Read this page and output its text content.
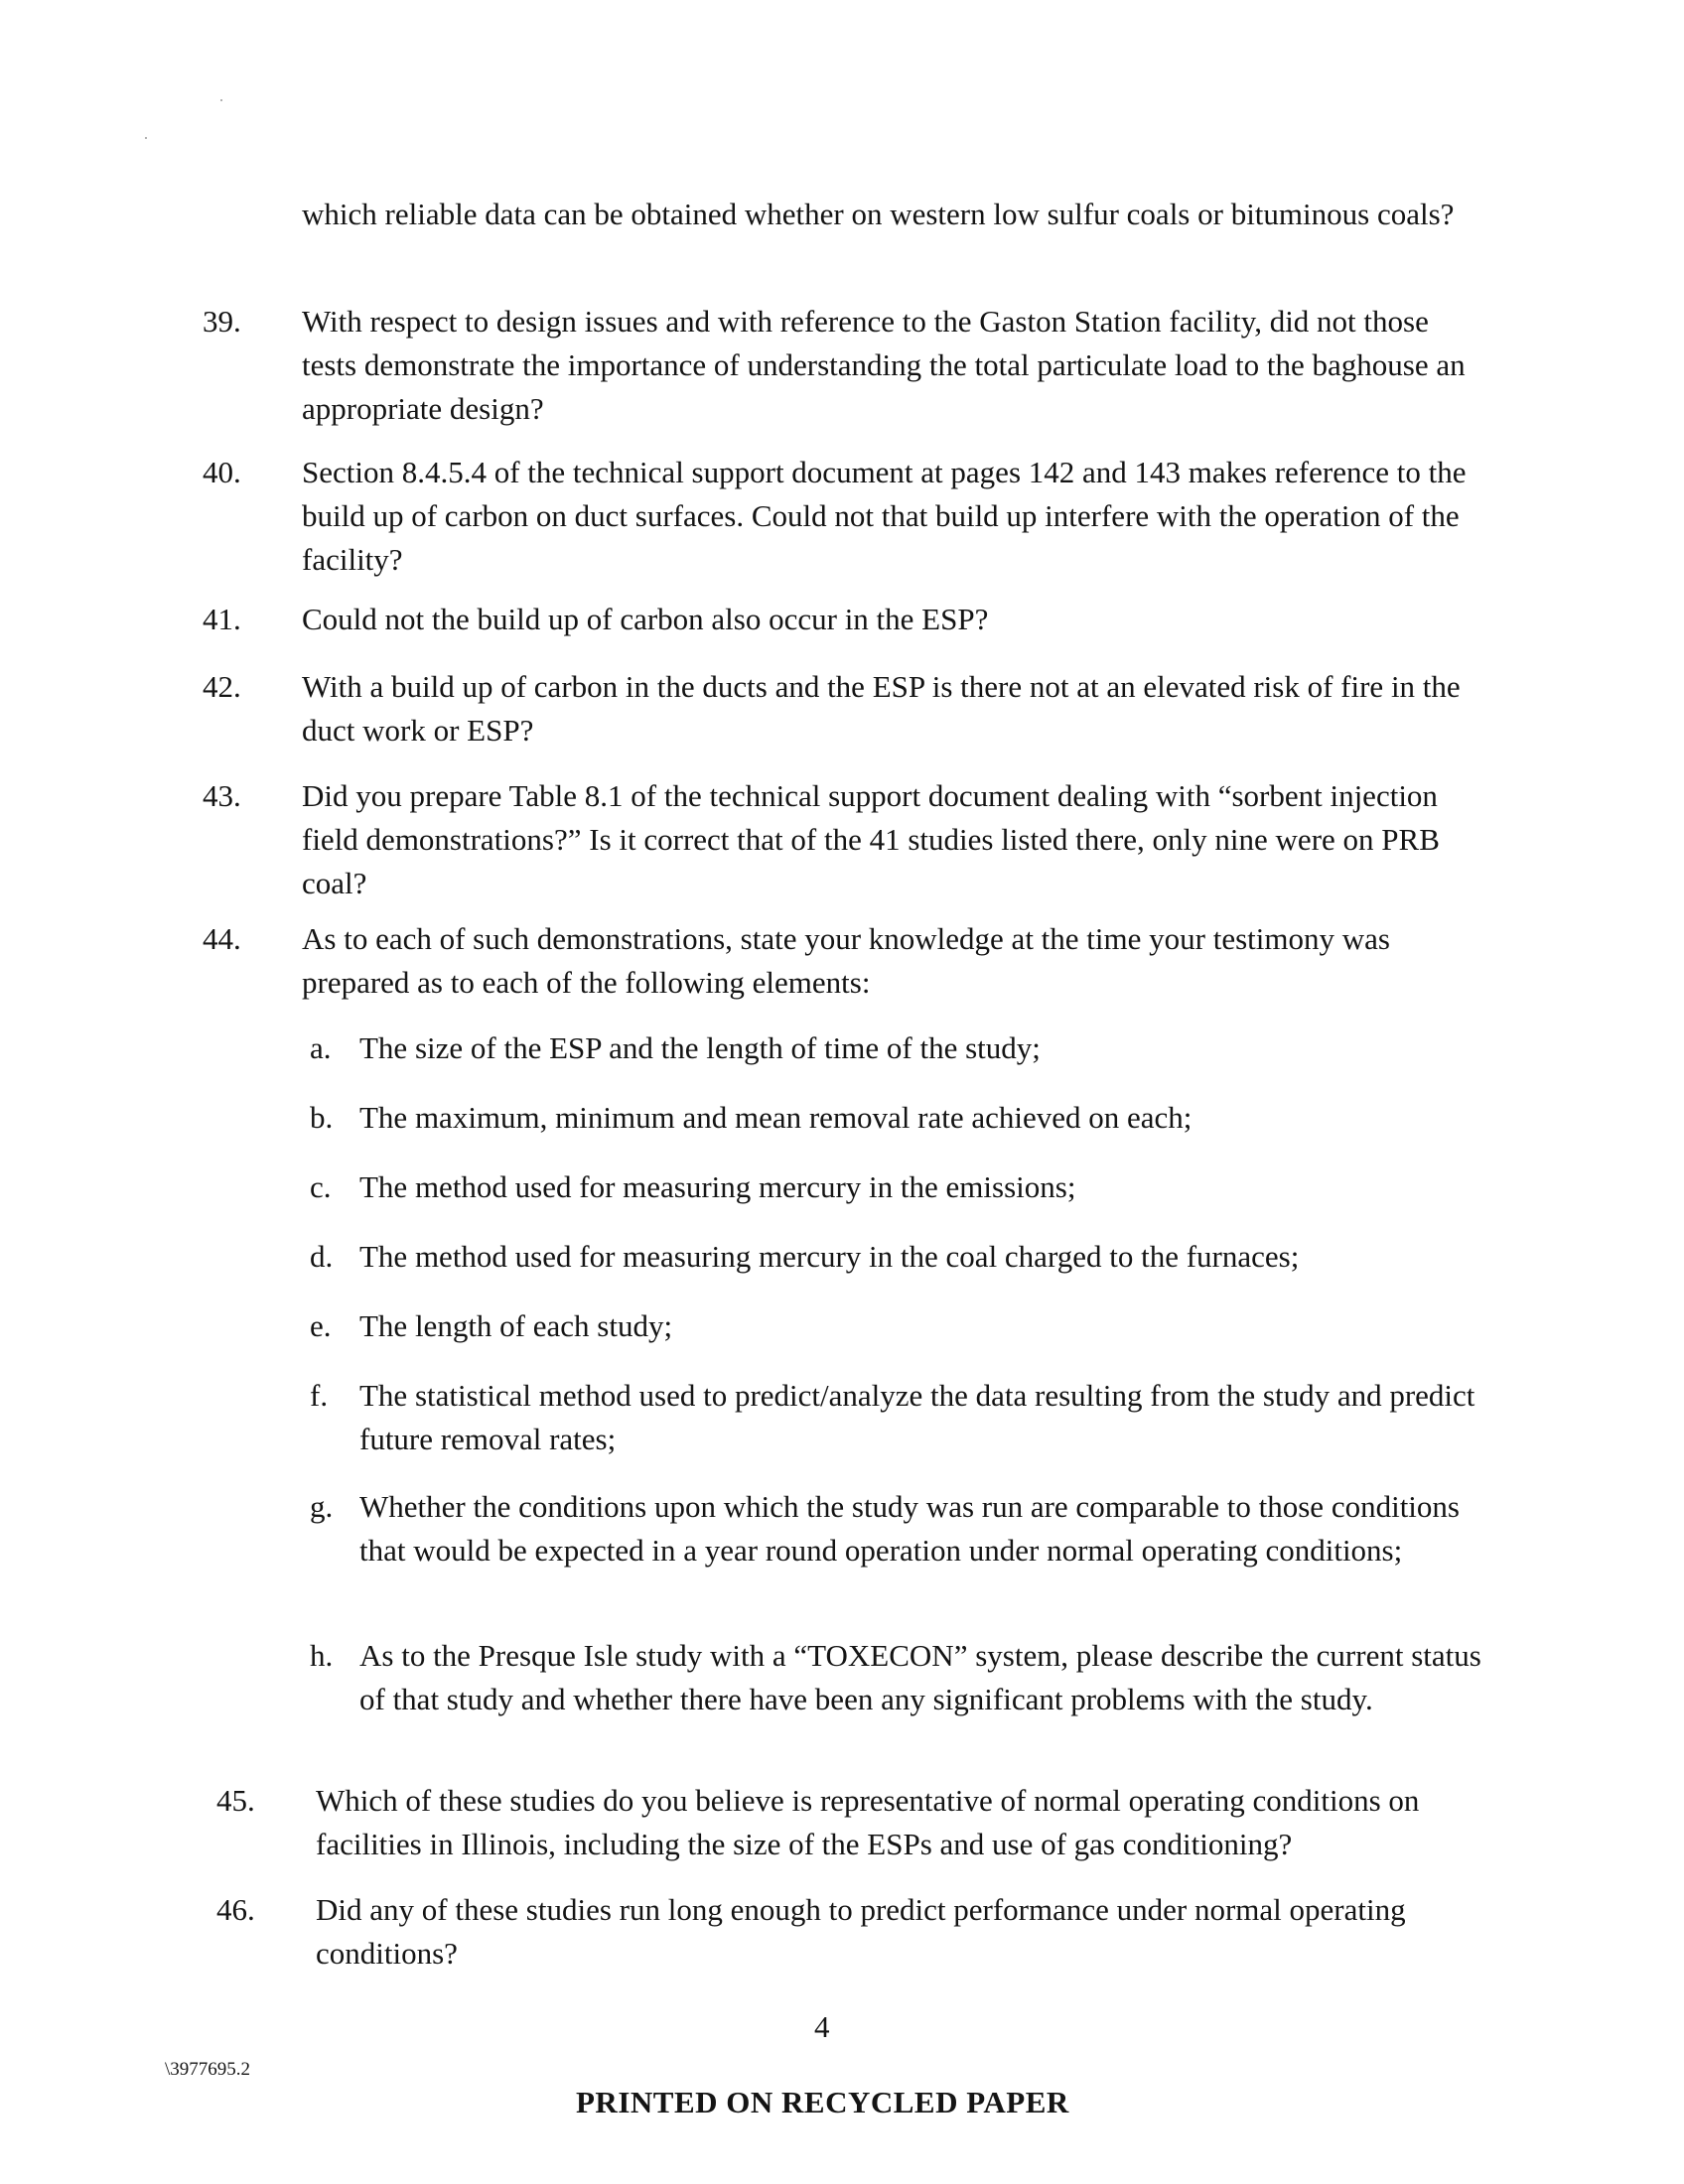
which reliable data can be obtained whether on western low sulfur coals or bituminous coals?

39. With respect to design issues and with reference to the Gaston Station facility, did not those tests demonstrate the importance of understanding the total particulate load to the baghouse an appropriate design?

40. Section 8.4.5.4 of the technical support document at pages 142 and 143 makes reference to the build up of carbon on duct surfaces. Could not that build up interfere with the operation of the facility?

41. Could not the build up of carbon also occur in the ESP?

42. With a build up of carbon in the ducts and the ESP is there not at an elevated risk of fire in the duct work or ESP?

43. Did you prepare Table 8.1 of the technical support document dealing with “sorbent injection field demonstrations?” Is it correct that of the 41 studies listed there, only nine were on PRB coal?

44. As to each of such demonstrations, state your knowledge at the time your testimony was prepared as to each of the following elements:

a. The size of the ESP and the length of time of the study;

b. The maximum, minimum and mean removal rate achieved on each;

c. The method used for measuring mercury in the emissions;

d. The method used for measuring mercury in the coal charged to the furnaces;

e. The length of each study;

f. The statistical method used to predict/analyze the data resulting from the study and predict future removal rates;

g. Whether the conditions upon which the study was run are comparable to those conditions that would be expected in a year round operation under normal operating conditions;

h. As to the Presque Isle study with a “TOXECON” system, please describe the current status of that study and whether there have been any significant problems with the study.

45. Which of these studies do you believe is representative of normal operating conditions on facilities in Illinois, including the size of the ESPs and use of gas conditioning?

46. Did any of these studies run long enough to predict performance under normal operating conditions?

4
\3977695.2
PRINTED ON RECYCLED PAPER
